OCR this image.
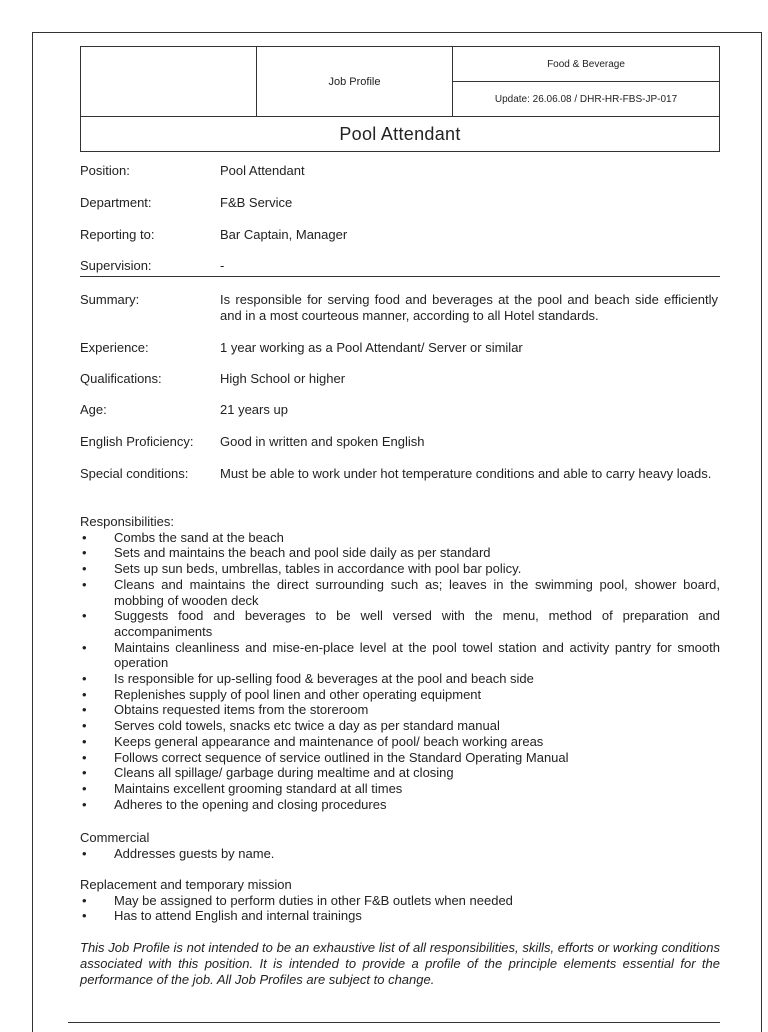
Job Profile
Food & Beverage
Update: 26.06.08 / DHR-HR-FBS-JP-017
Pool Attendant
Position:	Pool Attendant
Department:	F&B Service
Reporting to:	Bar Captain, Manager
Supervision:	-
Summary:	Is responsible for serving food and beverages at the pool and beach side efficiently and in a most courteous manner, according to all Hotel standards.
Experience:	1 year working as a Pool Attendant/ Server or similar
Qualifications:	High School or higher
Age:	21 years up
English Proficiency:	Good in written and spoken English
Special conditions:	Must be able to work under hot temperature conditions and able to carry heavy loads.
Responsibilities:
• Combs the sand at the beach
• Sets and maintains the beach and pool side daily as per standard
• Sets up sun beds, umbrellas, tables in accordance with pool bar policy.
• Cleans and maintains the direct surrounding such as; leaves in the swimming pool, shower board, mobbing of wooden deck
• Suggests food and beverages to be well versed with the menu, method of preparation and accompaniments
• Maintains cleanliness and mise-en-place level at the pool towel station and activity pantry for smooth operation
• Is responsible for up-selling food & beverages at the pool and beach side
• Replenishes supply of pool linen and other operating equipment
• Obtains requested items from the storeroom
• Serves cold towels, snacks etc twice a day as per standard manual
• Keeps general appearance and maintenance of pool/ beach working areas
• Follows correct sequence of service outlined in the Standard Operating Manual
• Cleans all spillage/ garbage during mealtime and at closing
• Maintains excellent grooming standard at all times
• Adheres to the opening and closing procedures
Commercial
• Addresses guests by name.
Replacement and temporary mission
• May be assigned to perform duties in other F&B outlets when needed
• Has to attend English and internal trainings
This Job Profile is not intended to be an exhaustive list of all responsibilities, skills, efforts or working conditions associated with this position. It is intended to provide a profile of the principle elements essential for the performance of the job. All Job Profiles are subject to change.
